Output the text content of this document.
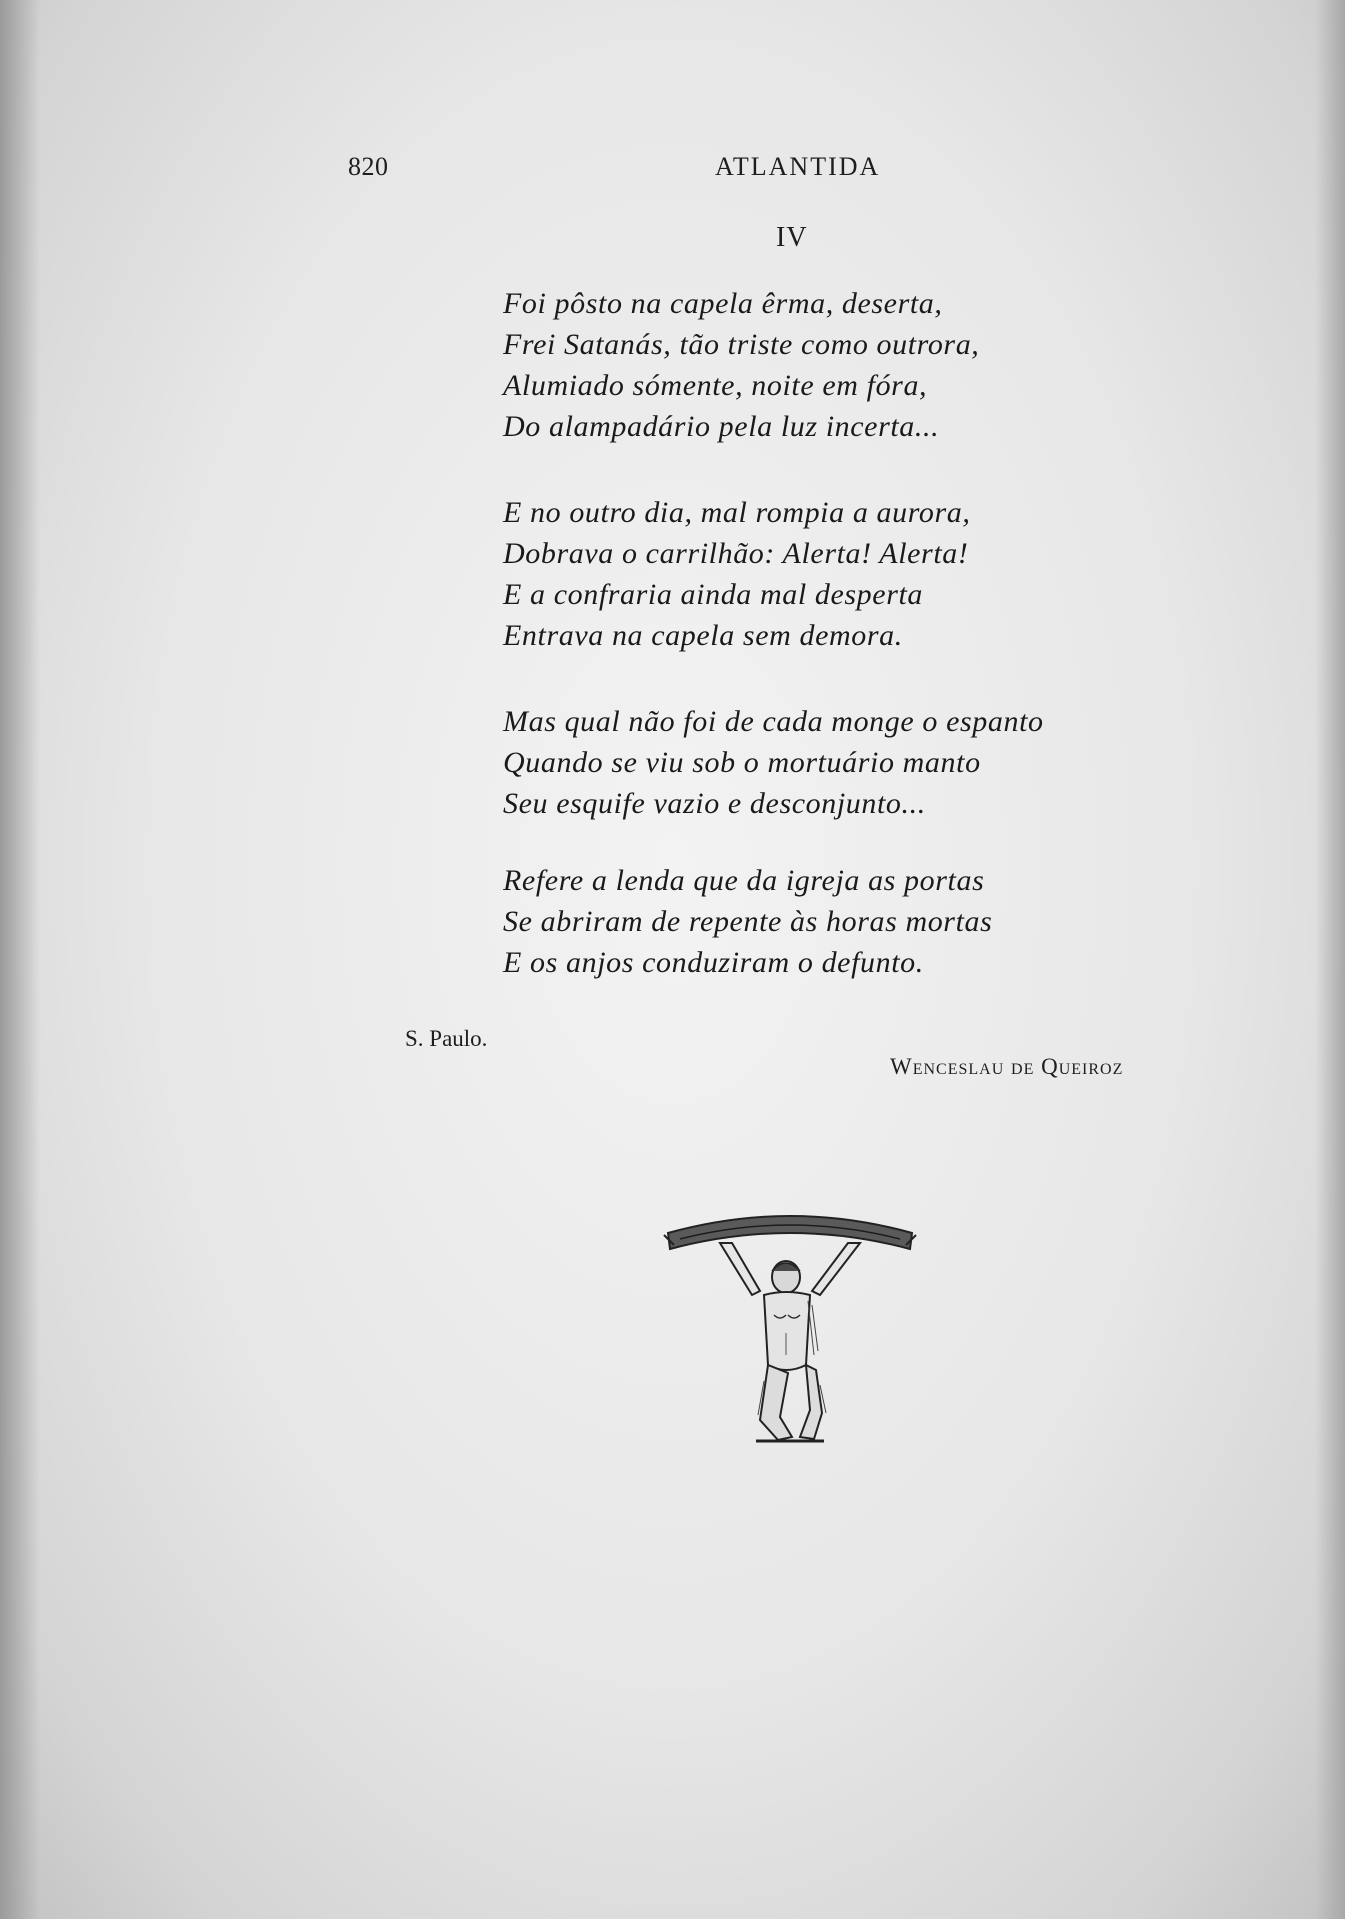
820	ATLANTIDA
IV
Foi pôsto na capela êrma, deserta,
Frei Satanás, tão triste como outrora,
Alumiado sómente, noite em fóra,
Do alampadário pela luz incerta...
E no outro dia, mal rompia a aurora,
Dobrava o carrilhão: Alerta! Alerta!
E a confraria ainda mal desperta
Entrava na capela sem demora.
Mas qual não foi de cada monge o espanto
Quando se viu sob o mortuário manto
Seu esquife vazio e desconjunto...
Refere a lenda que da igreja as portas
Se abriram de repente às horas mortas
E os anjos conduziram o defunto.
S. Paulo.
Wenceslau de Queiroz
